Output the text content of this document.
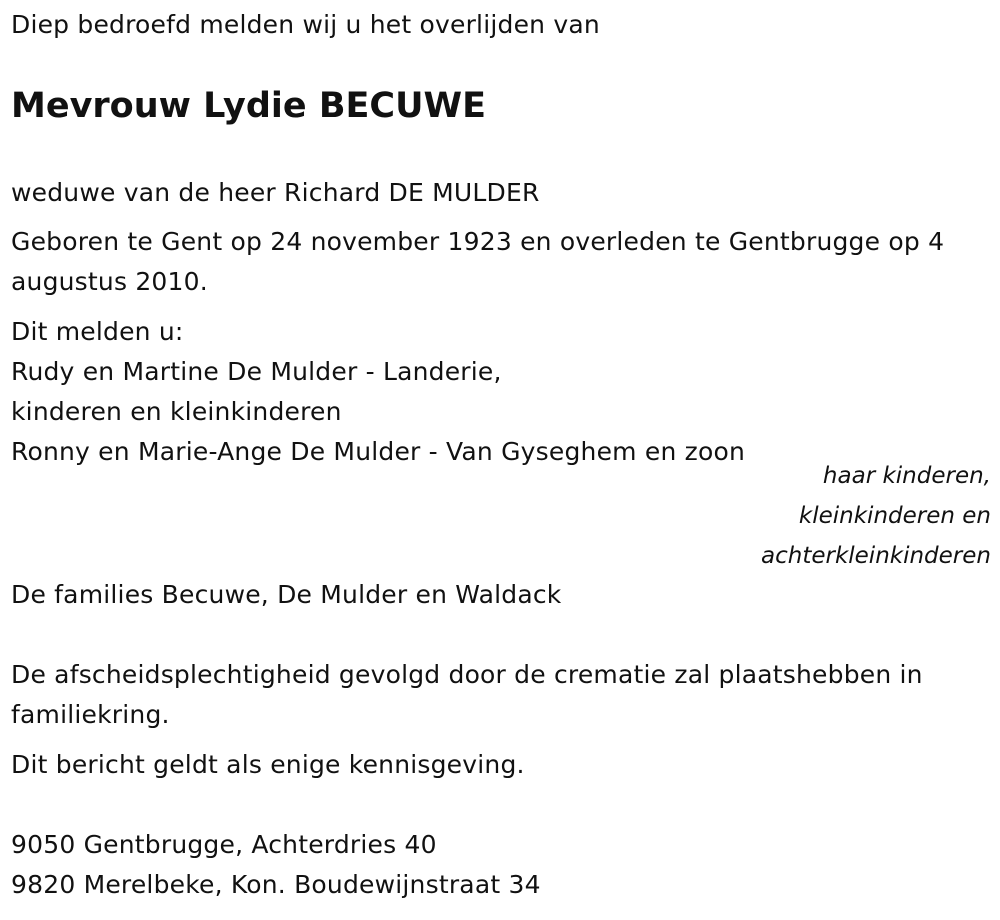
Diep bedroefd melden wij u het overlijden van
Mevrouw Lydie BECUWE
weduwe van de heer Richard DE MULDER
Geboren te Gent op 24 november 1923 en overleden te Gentbrugge op 4
augustus 2010.
Dit melden u:
Rudy en Martine De Mulder - Landerie,
kinderen en kleinkinderen
Ronny en Marie-Ange De Mulder - Van Gyseghem en zoon
haar kinderen,
kleinkinderen en
achterkleinkinderen
De families Becuwe, De Mulder en Waldack
De afscheidsplechtigheid gevolgd door de crematie zal plaatshebben in
familiekring.
Dit bericht geldt als enige kennisgeving.
9050 Gentbrugge, Achterdries 40
9820 Merelbeke, Kon. Boudewijnstraat 34
